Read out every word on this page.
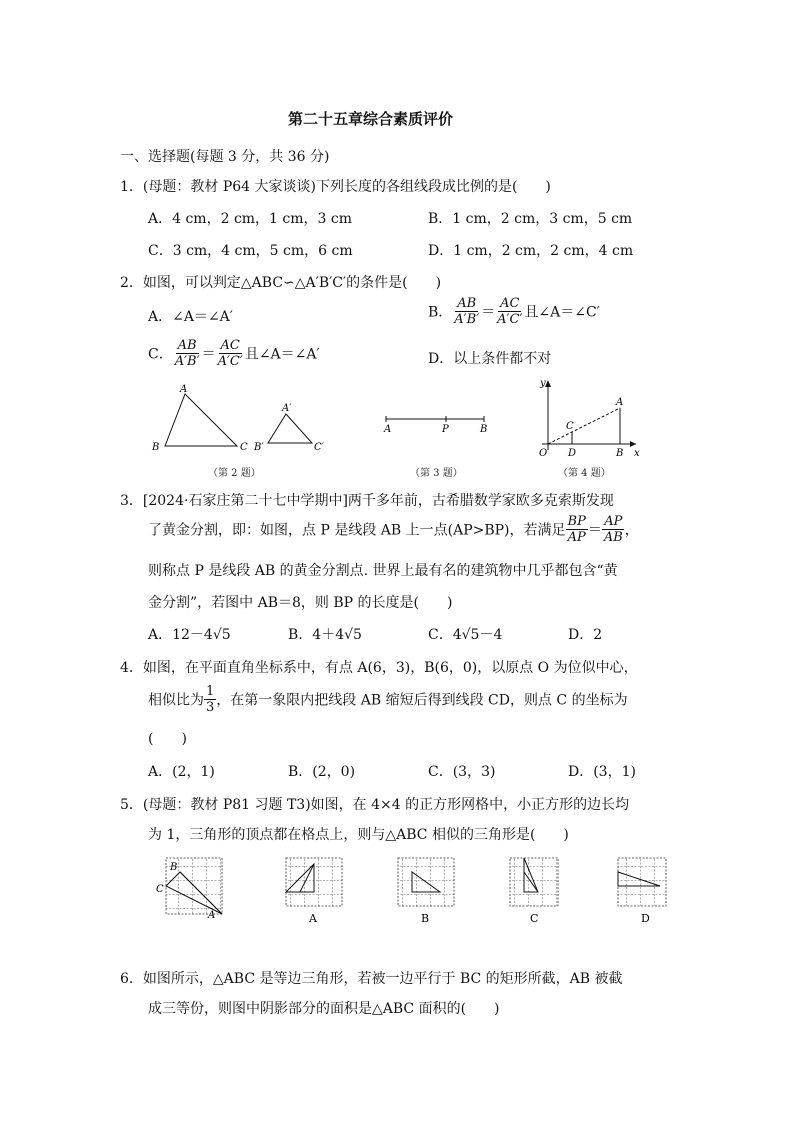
第二十五章综合素质评价
一、选择题(每题 3 分，共 36 分)
1．(母题：教材 P64 大家谈谈)下列长度的各组线段成比例的是(　　)
A．4 cm，2 cm，1 cm，3 cm	B．1 cm，2 cm，3 cm，5 cm
C．3 cm，4 cm，5 cm，6 cm	D．1 cm，2 cm，2 cm，4 cm
2．如图，可以判定△ABC∽△A′B′C′的条件是(　　)
A．∠A＝∠A′	B． $\frac{AB}{A'B'} = \frac{AC}{A'C'}$ 且∠A＝∠C′
C． $\frac{AB}{A'B'} = \frac{AC}{A'C'}$ 且∠A＝∠A′	D．以上条件都不对
A
B	C
A′
B′	C′
A	P	B
y
x
O
A
B
C
D
（第 2 题）	（第 3 题）	（第 4 题）
3．[2024·石家庄第二十七中学期中]两千多年前，古希腊数学家欧多克索斯发现
了黄金分割，即：如图，点 P 是线段 AB 上一点(AP>BP)，若满足 $\frac{BP}{AP} = \frac{AP}{AB}$ ，
则称点 P 是线段 AB 的黄金分割点. 世界上最有名的建筑物中几乎都包含“黄
金分割”，若图中 AB＝8，则 BP 的长度是(　　)
A．12－4√5	B．4＋4√5	C．4√5－4	D．2
4．如图，在平面直角坐标系中，有点 A(6，3)，B(6，0)，以原点 O 为位似中心，
相似比为 $\frac{1}{3}$ ，在第一象限内把线段 AB 缩短后得到线段 CD，则点 C 的坐标为
(　　)
A．(2，1)	B．(2，0)	C．(3，3)	D．(3，1)
5．(母题：教材 P81 习题 T3)如图，在 4×4 的正方形网格中，小正方形的边长均
为 1，三角形的顶点都在格点上，则与△ABC 相似的三角形是(　　)
B
C
A	A	B	C	D
6．如图所示，△ABC 是等边三角形，若被一边平行于 BC 的矩形所截，AB 被截
成三等份，则图中阴影部分的面积是△ABC 面积的(　　)
